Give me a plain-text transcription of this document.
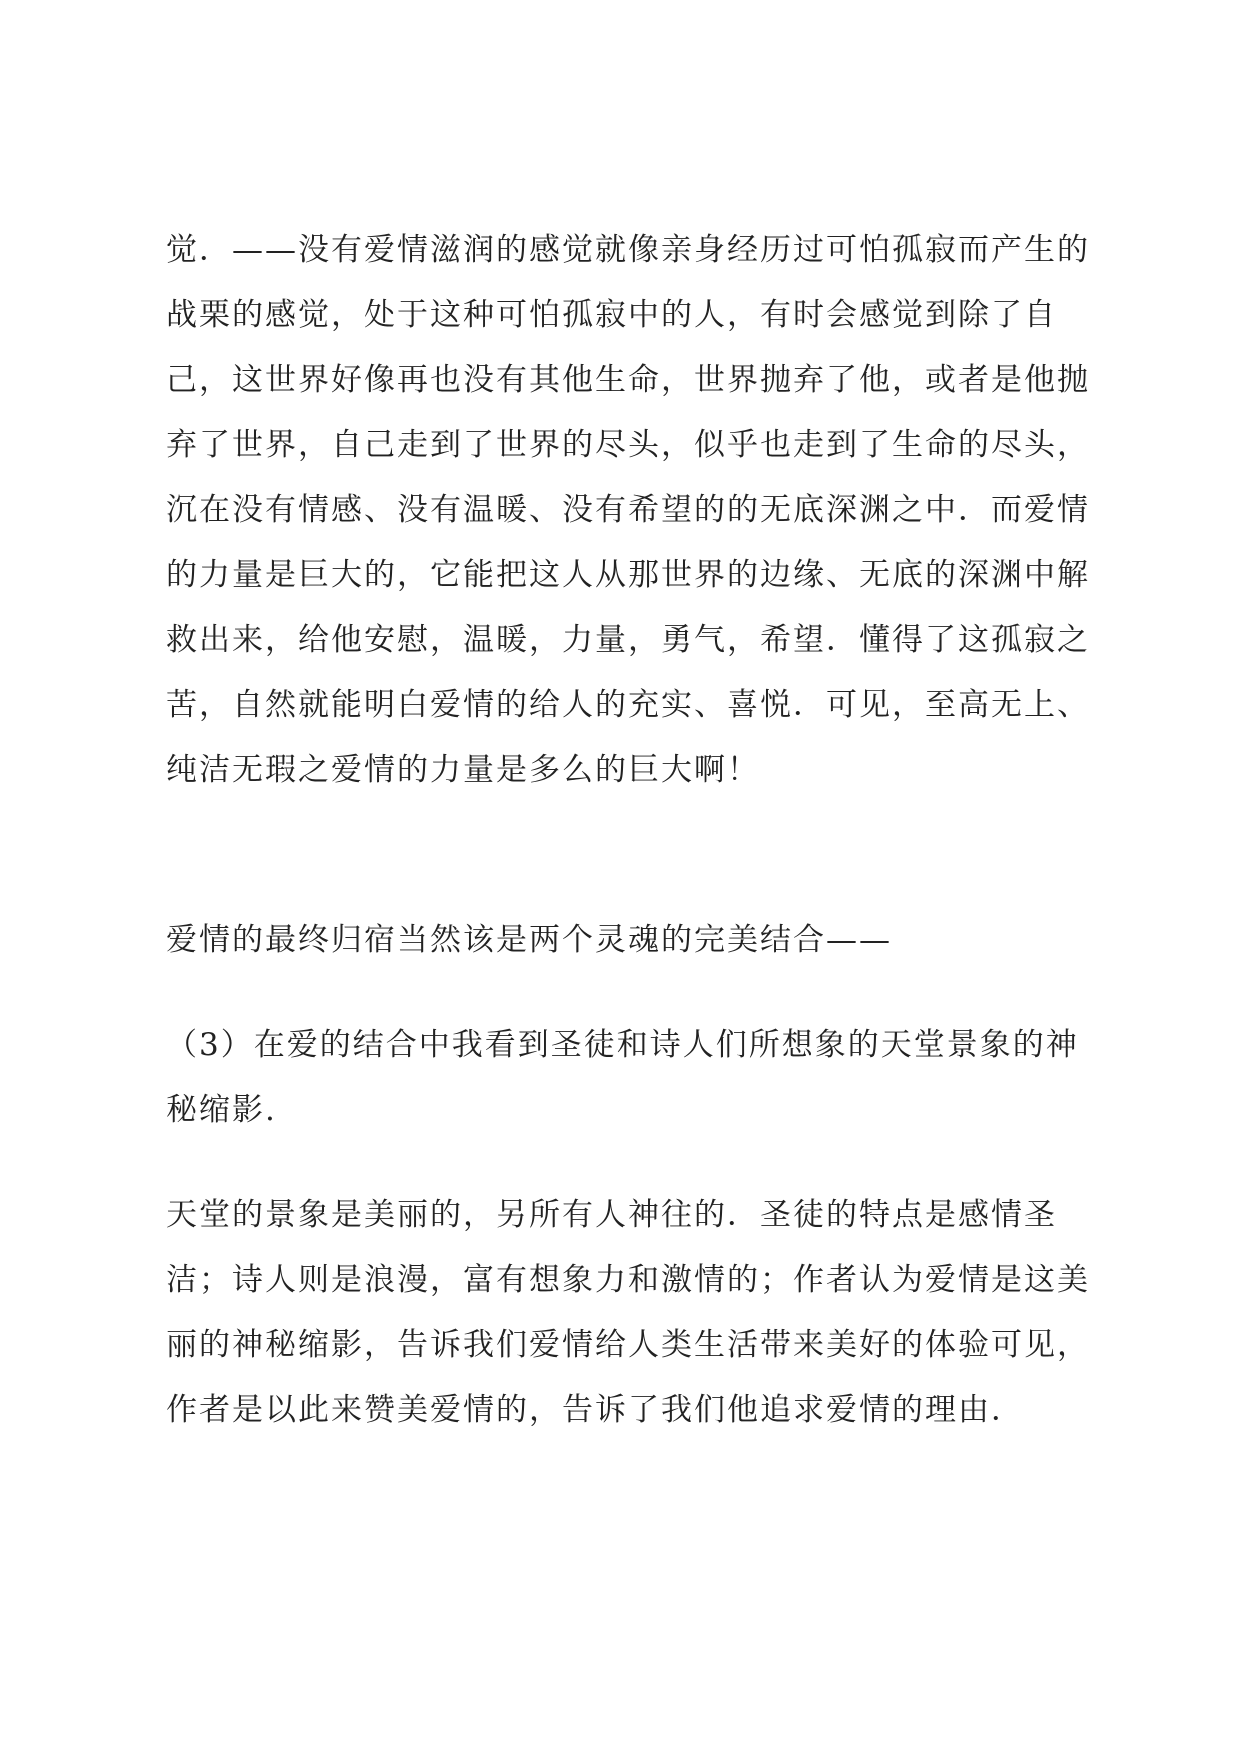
觉．——没有爱情滋润的感觉就像亲身经历过可怕孤寂而产生的
战栗的感觉，处于这种可怕孤寂中的人，有时会感觉到除了自
己，这世界好像再也没有其他生命，世界抛弃了他，或者是他抛
弃了世界，自己走到了世界的尽头，似乎也走到了生命的尽头，
沉在没有情感、没有温暖、没有希望的的无底深渊之中．而爱情
的力量是巨大的，它能把这人从那世界的边缘、无底的深渊中解
救出来，给他安慰，温暖，力量，勇气，希望．懂得了这孤寂之
苦，自然就能明白爱情的给人的充实、喜悦．可见，至高无上、
纯洁无瑕之爱情的力量是多么的巨大啊！
爱情的最终归宿当然该是两个灵魂的完美结合——
（3）在爱的结合中我看到圣徒和诗人们所想象的天堂景象的神
秘缩影.
天堂的景象是美丽的，另所有人神往的．圣徒的特点是感情圣
洁；诗人则是浪漫，富有想象力和激情的；作者认为爱情是这美
丽的神秘缩影，告诉我们爱情给人类生活带来美好的体验可见，
作者是以此来赞美爱情的，告诉了我们他追求爱情的理由．
